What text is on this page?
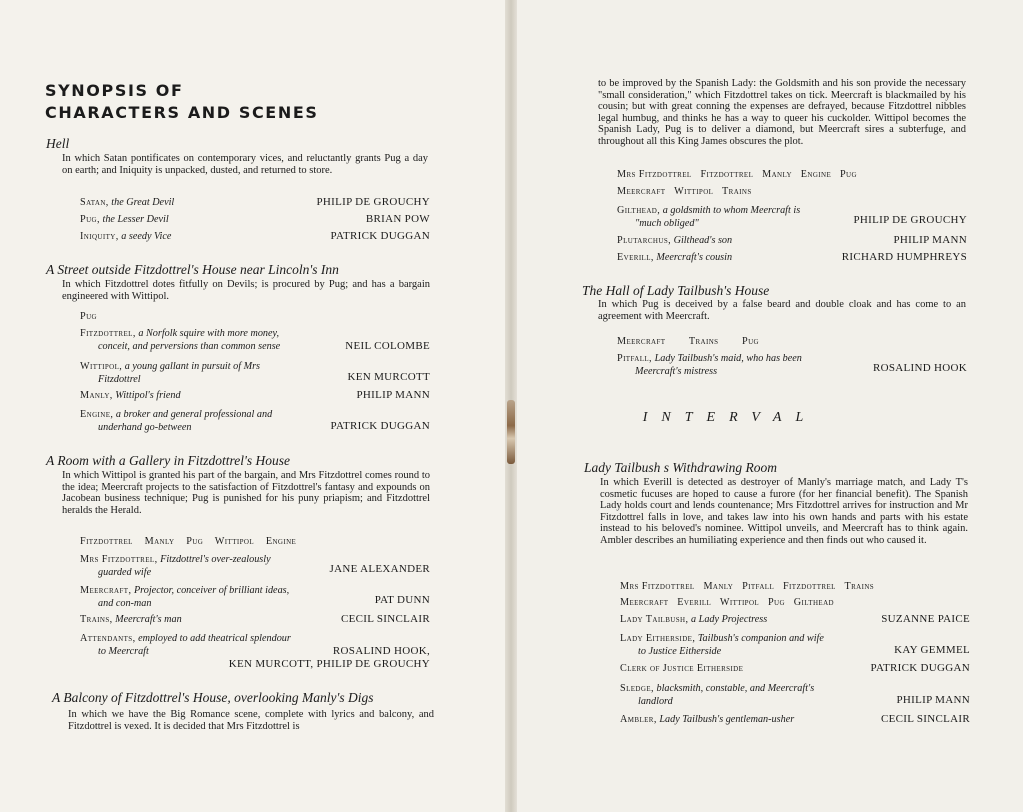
SYNOPSIS OF
CHARACTERS AND SCENES

Hell

In which Satan pontificates on contemporary vices, and reluctantly grants Pug a day on earth; and Iniquity is unpacked, dusted, and returned to store.

Satan, the Great Devil	PHILIP DE GROUCHY
Pug, the Lesser Devil	BRIAN POW
Iniquity, a seedy Vice	PATRICK DUGGAN

A Street outside Fitzdottrel's House near Lincoln's Inn

In which Fitzdottrel dotes fitfully on Devils; is procured by Pug; and has a bargain engineered with Wittipol.

Pug
Fitzdottrel, a Norfolk squire with more money,
conceit, and perversions than common sense	NEIL COLOMBE
Wittipol, a young gallant in pursuit of Mrs
Fitzdottrel	KEN MURCOTT
Manly, Wittipol's friend	PHILIP MANN
Engine, a broker and general professional and
underhand go-between	PATRICK DUGGAN

A Room with a Gallery in Fitzdottrel's House

In which Wittipol is granted his part of the bargain, and Mrs Fitzdottrel comes round to the idea; Meercraft projects to the satisfaction of Fitzdottrel's fantasy and expounds on Jacobean business technique; Pug is punished for his puny priapism; and Fitzdottrel heralds the Herald.

Fitzdottrel    Manly    Pug    Wittipol    Engine
Mrs Fitzdottrel, Fitzdottrel's over-zealously
guarded wife	JANE ALEXANDER
Meercraft, Projector, conceiver of brilliant ideas,
and con-man	PAT DUNN
Trains, Meercraft's man	CECIL SINCLAIR
Attendants, employed to add theatrical splendour
to Meercraft	ROSALIND HOOK,
KEN MURCOTT, PHILIP DE GROUCHY

A Balcony of Fitzdottrel's House, overlooking Manly's Digs

In which we have the Big Romance scene, complete with lyrics and balcony, and Fitzdottrel is vexed. It is decided that Mrs Fitzdottrel is

to be improved by the Spanish Lady: the Goldsmith and his son provide the necessary "small consideration," which Fitzdottrel takes on tick. Meercraft is blackmailed by his cousin; but with great conning the expenses are defrayed, because Fitzdottrel nibbles legal humbug, and thinks he has a way to queer his cuckolder. Wittipol becomes the Spanish Lady, Pug is to deliver a diamond, but Meercraft sires a subterfuge, and throughout all this King James obscures the plot.

Mrs Fitzdottrel   Fitzdottrel   Manly   Engine   Pug
Meercraft   Wittipol   Trains
Gilthead, a goldsmith to whom Meercraft is
"much obliged"	PHILIP DE GROUCHY
Plutarchus, Gilthead's son	PHILIP MANN
Everill, Meercraft's cousin	RICHARD HUMPHREYS

The Hall of Lady Tailbush's House

In which Pug is deceived by a false beard and double cloak and has come to an agreement with Meercraft.

Meercraft        Trains        Pug
Pitfall, Lady Tailbush's maid, who has been
Meercraft's mistress	ROSALIND HOOK

INTERVAL

Lady Tailbush s Withdrawing Room

In which Everill is detected as destroyer of Manly's marriage match, and Lady T's cosmetic fucuses are hoped to cause a furore (for her financial benefit). The Spanish Lady holds court and lends countenance; Mrs Fitzdottrel arrives for instruction and Mr Fitzdottrel falls in love, and takes law into his own hands and parts with his estate instead to his beloved's nominee. Wittipol unveils, and Meercraft has to think again. Ambler describes an humiliating experience and then finds out who caused it.

Mrs Fitzdottrel   Manly   Pitfall   Fitzdottrel   Trains
Meercraft   Everill   Wittipol   Pug   Gilthead
Lady Tailbush, a Lady Projectress	SUZANNE PAICE
Lady Eitherside, Tailbush's companion and wife
to Justice Eitherside	KAY GEMMEL
Clerk of Justice Eitherside	PATRICK DUGGAN
Sledge, blacksmith, constable, and Meercraft's
landlord	PHILIP MANN
Ambler, Lady Tailbush's gentleman-usher	CECIL SINCLAIR
